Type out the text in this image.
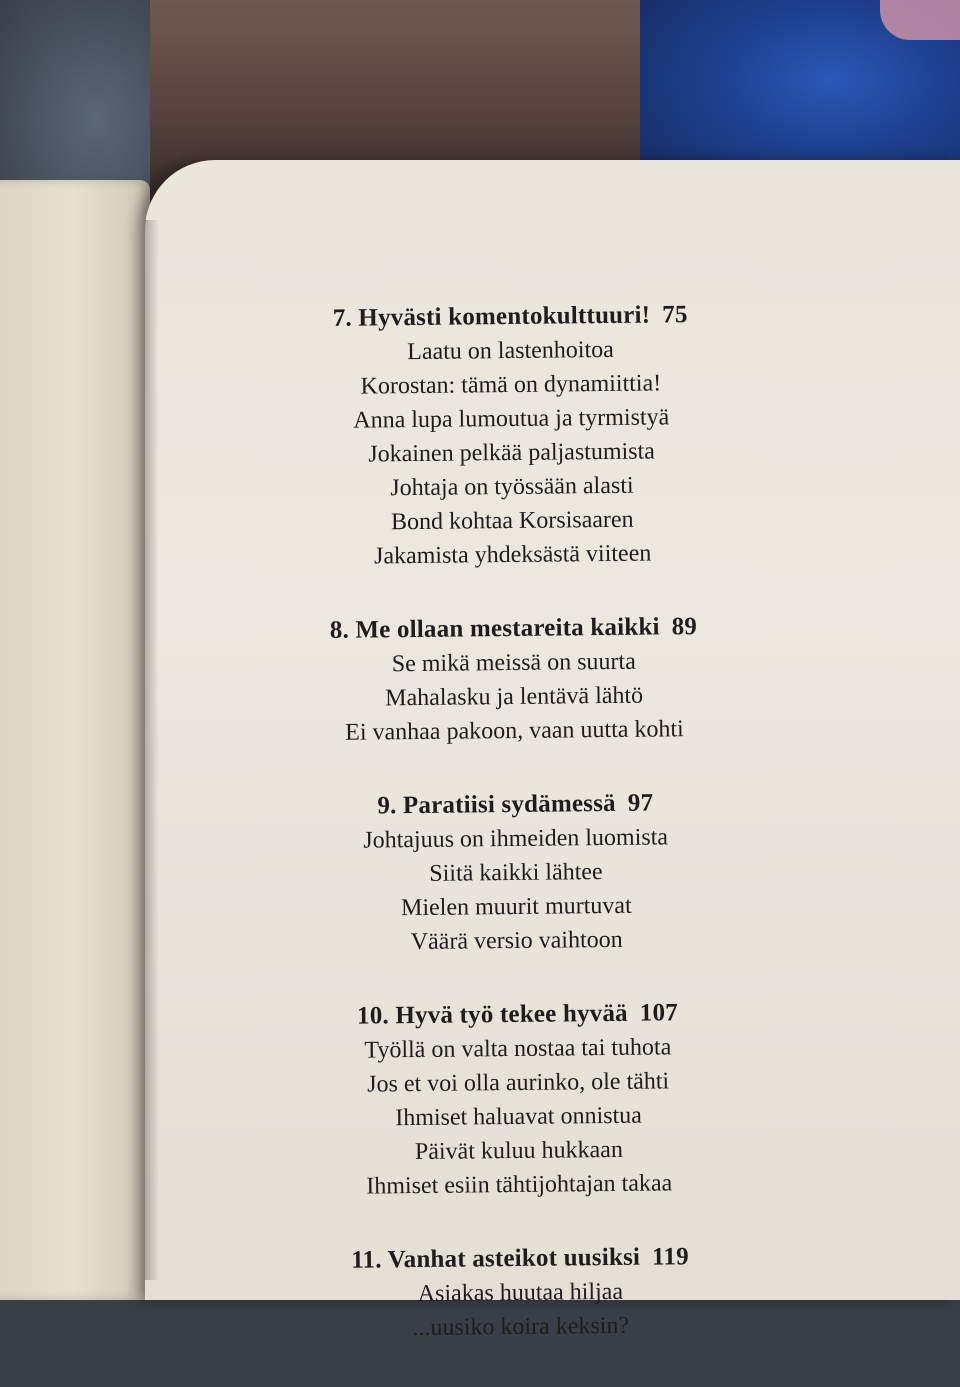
7. Hyvästi komentokulttuuri! 75

Laatu on lastenhoitoa

Korostan: tämä on dynamiittia!

Anna lupa lumoutua ja tyrmistyä

Jokainen pelkää paljastumista

Johtaja on työssään alasti

Bond kohtaa Korsisaaren

Jakamista yhdeksästä viiteen

8. Me ollaan mestareita kaikki 89

Se mikä meissä on suurta

Mahalasku ja lentävä lähtö

Ei vanhaa pakoon, vaan uutta kohti

9. Paratiisi sydämessä 97

Johtajuus on ihmeiden luomista

Siitä kaikki lähtee

Mielen muurit murtuvat

Väärä versio vaihtoon

10. Hyvä työ tekee hyvää 107

Työllä on valta nostaa tai tuhota

Jos et voi olla aurinko, ole tähti

Ihmiset haluavat onnistua

Päivät kuluu hukkaan

Ihmiset esiin tähtijohtajan takaa

11. Vanhat asteikot uusiksi 119

Asiakas huutaa hiljaa

...uusiko koira keksin?
